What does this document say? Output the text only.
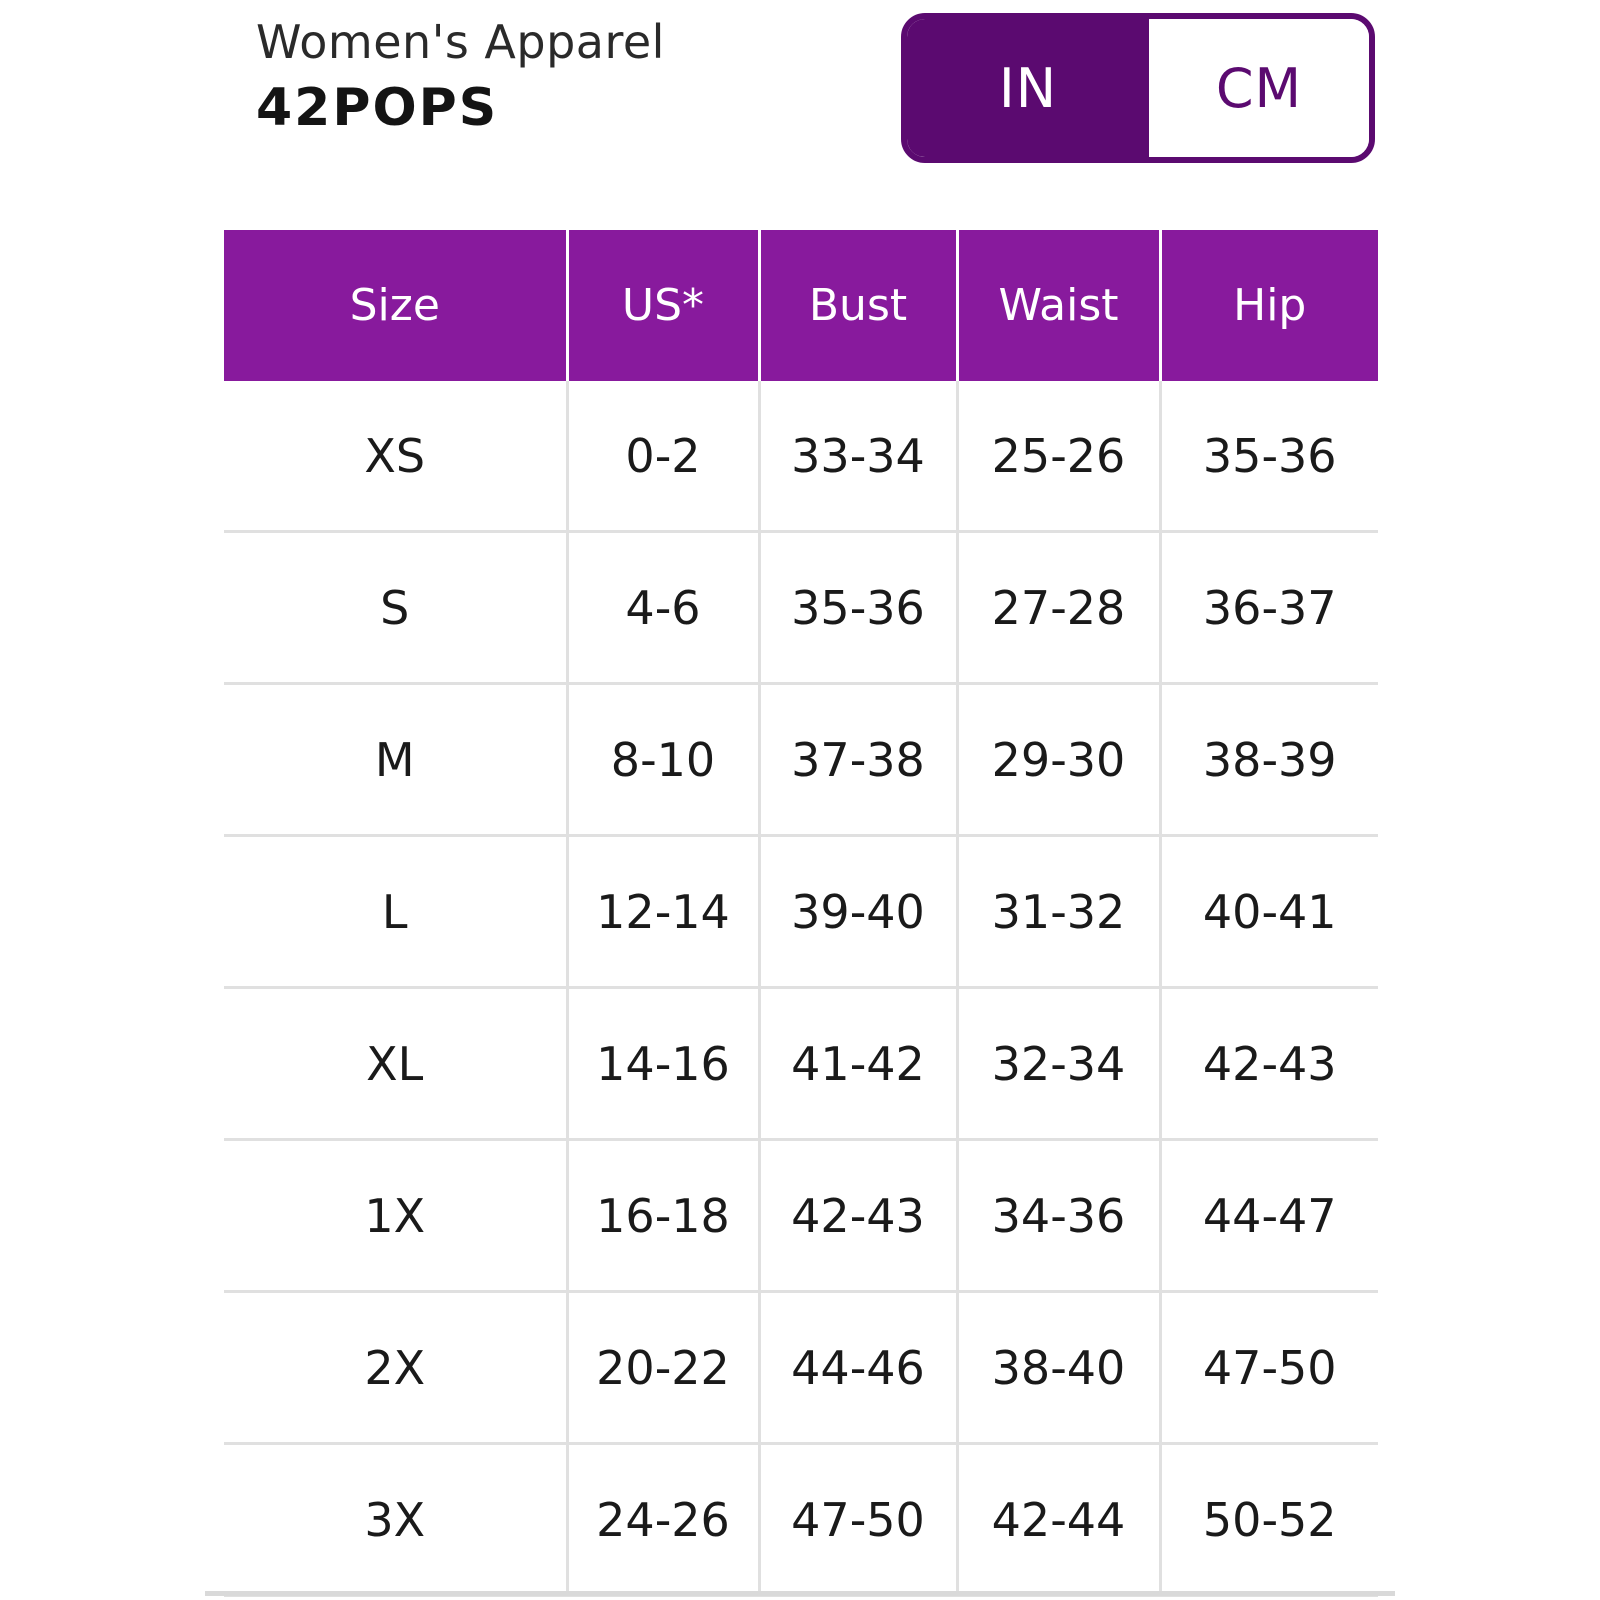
Women's Apparel
42POPS	IN	CM
Size	US*	Bust	Waist	Hip
XS	0-2	33-34	25-26	35-36
S	4-6	35-36	27-28	36-37
M	8-10	37-38	29-30	38-39
L	12-14	39-40	31-32	40-41
XL	14-16	41-42	32-34	42-43
1X	16-18	42-43	34-36	44-47
2X	20-22	44-46	38-40	47-50
3X	24-26	47-50	42-44	50-52
